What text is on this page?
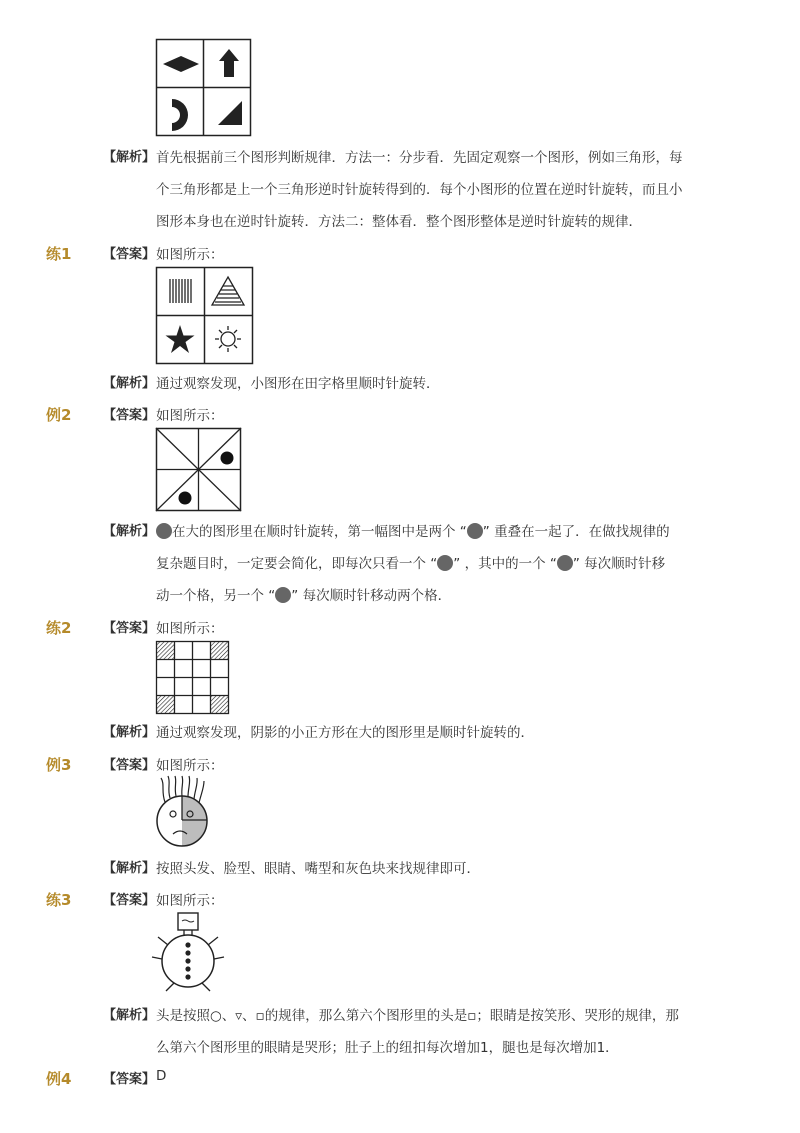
【 解析 】	首先根据前三个图形判断规律．方法一：分步看．先固定观察一个图形，例如三角形，每
个三角形都是上一个三角形逆时针旋转得到的．每个小图形的位置在逆时针旋转，而且小
图形本身也在逆时针旋转．方法二：整体看．整个图形整体是逆时针旋转的规律．
练1	【 答案 】	如图所示：
【 解析 】	通过观察发现，小图形在田字格里顺时针旋转．
例2	【 答案 】	如图所示：
【 解析 】	在大的图形里在顺时针旋转，第一幅图中是两个 “ ” 重叠在一起了．在做找规律的
复杂题目时，一定要会简化，即每次只看一个 “ ” ，其中的一个 “ ” 每次顺时针移
动一个格，另一个 “ ” 每次顺时针移动两个格．
练2	【 答案 】	如图所示：
【 解析 】	通过观察发现，阴影的小正方形在大的图形里是顺时针旋转的．
例3	【 答案 】	如图所示：
【 解析 】	按照头发、脸型、眼睛、嘴型和灰色块来找规律即可．
练3	【 答案 】	如图所示：
【 解析 】	头是按照○、▿、▫的规律，那么第六个图形里的头是▫；眼睛是按笑形、哭形的规律，那
么第六个图形里的眼睛是哭形；肚子上的纽扣每次增加1，腿也是每次增加1．
例4	【 答案 】	D
